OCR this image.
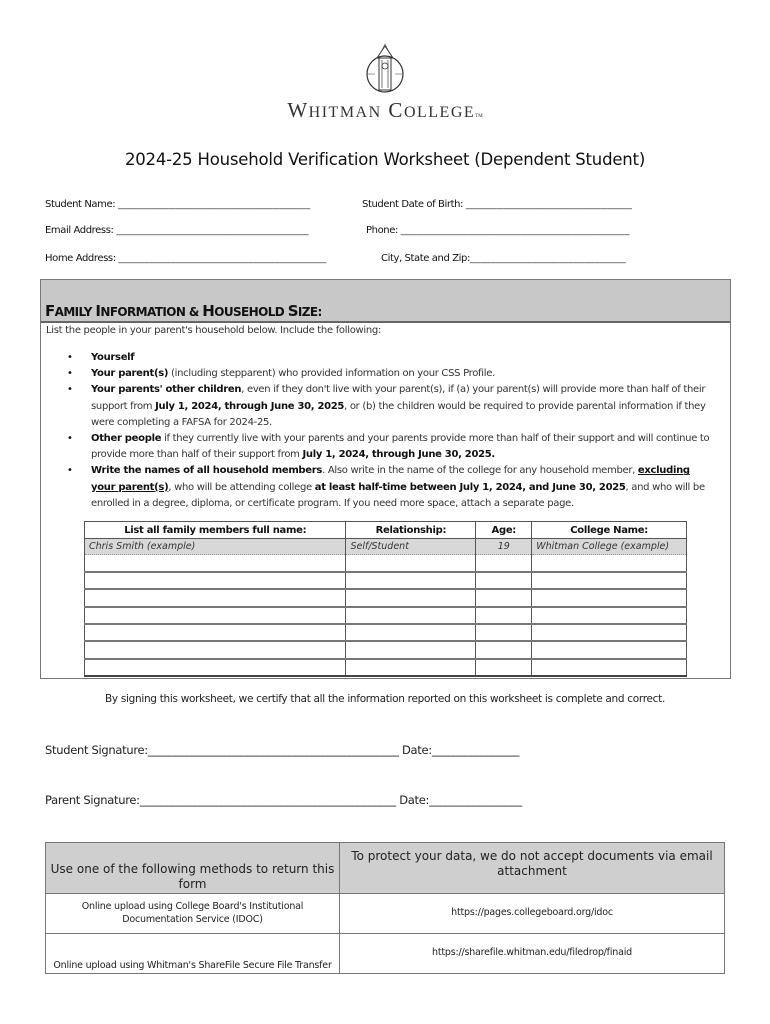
WHITMAN COLLEGETM
2024-25 Household Verification Worksheet (Dependent Student)
Student Name: _____________________________________	Student Date of Birth: ________________________________
Email Address: _____________________________________	Phone: ____________________________________________
Home Address: ________________________________________	City, State and Zip:______________________________
FAMILY INFORMATION & HOUSEHOLD SIZE:
List the people in your parent's household below. Include the following:
• Yourself
• Your parent(s) (including stepparent) who provided information on your CSS Profile.
• Your parents' other children, even if they don't live with your parent(s), if (a) your parent(s) will provide more than half of their support from July 1, 2024, through June 30, 2025, or (b) the children would be required to provide parental information if they were completing a FAFSA for 2024-25.
• Other people if they currently live with your parents and your parents provide more than half of their support and will continue to provide more than half of their support from July 1, 2024, through June 30, 2025.
• Write the names of all household members. Also write in the name of the college for any household member, excluding your parent(s), who will be attending college at least half-time between July 1, 2024, and June 30, 2025, and who will be enrolled in a degree, diploma, or certificate program. If you need more space, attach a separate page.
List all family members full name:	Relationship:	Age:	College Name:
Chris Smith (example)	Self/Student	19	Whitman College (example)

By signing this worksheet, we certify that all the information reported on this worksheet is complete and correct.
Student Signature:______________________________________________ Date:________________
Parent Signature:_______________________________________________ Date:_________________
Use one of the following methods to return this form	To protect your data, we do not accept documents via email attachment
Online upload using College Board's Institutional Documentation Service (IDOC)	https://pages.collegeboard.org/idoc
Online upload using Whitman's ShareFile Secure File Transfer	https://sharefile.whitman.edu/filedrop/finaid
